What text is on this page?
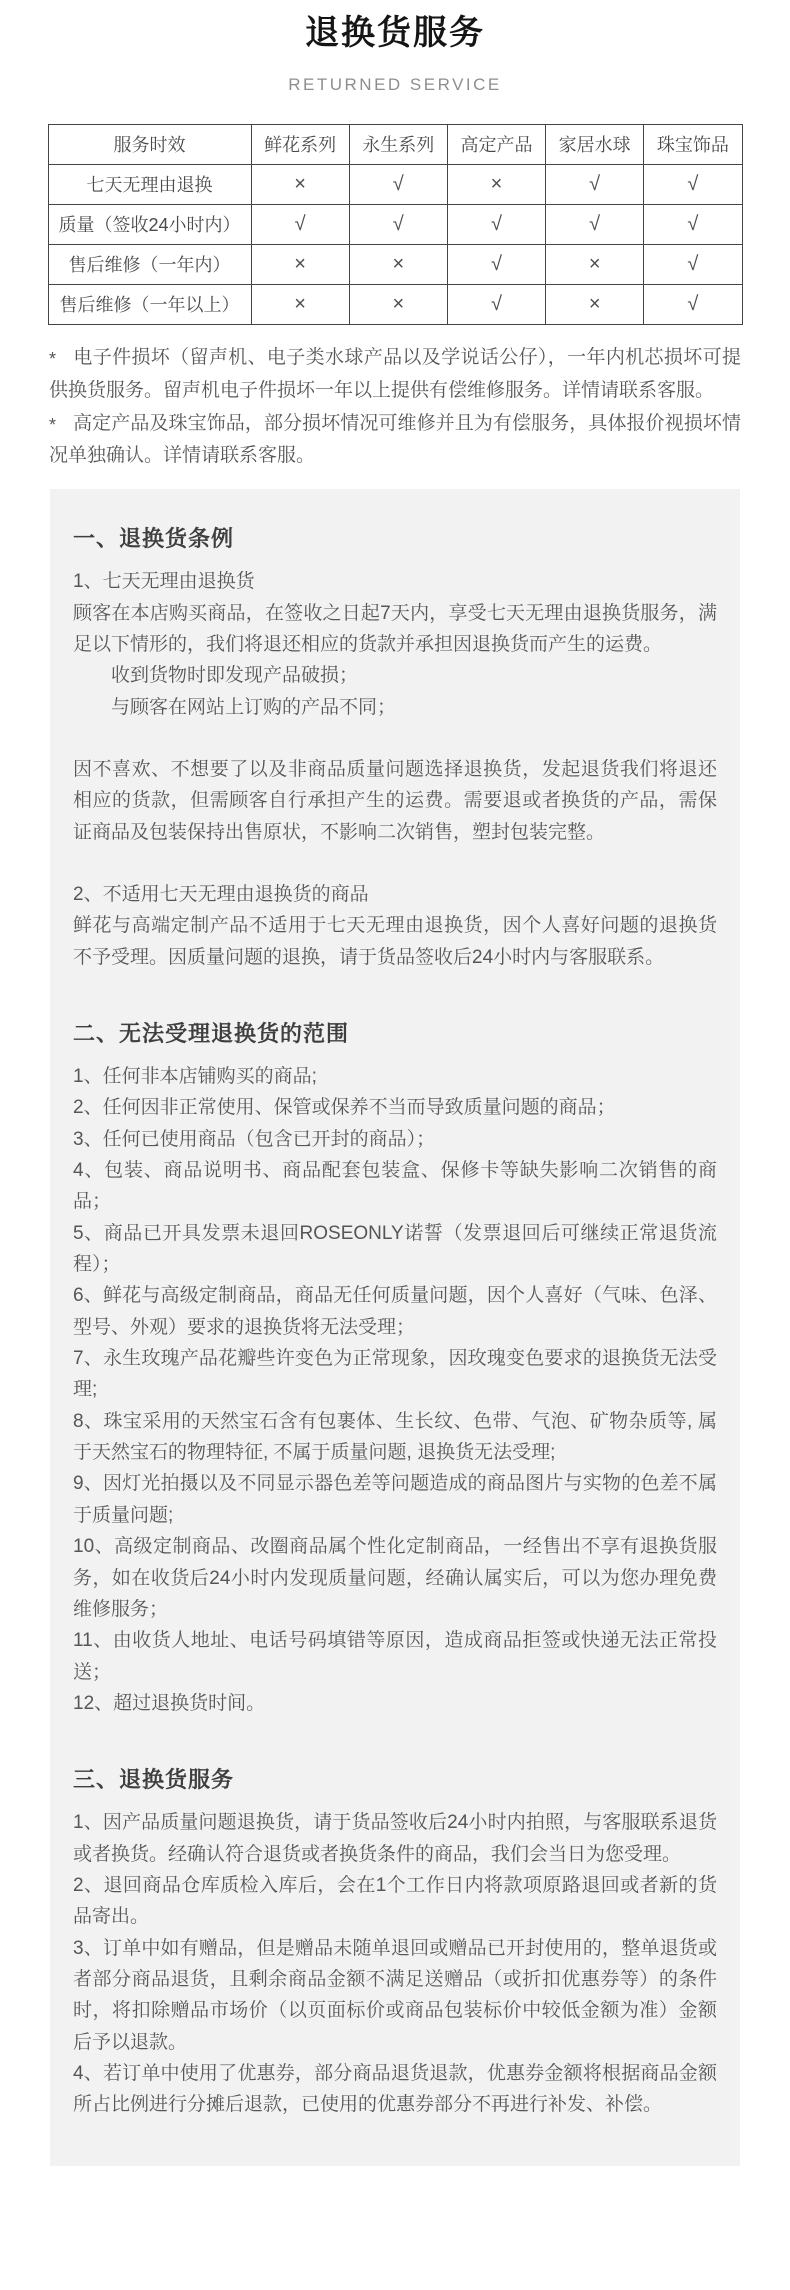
退换货服务
RETURNED SERVICE
服务时效	鲜花系列	永生系列	高定产品	家居水球	珠宝饰品
七天无理由退换	×	√	×	√	√
质量（签收24小时内）	√	√	√	√	√
售后维修（一年内）	×	×	√	×	√
售后维修（一年以上）	×	×	√	×	√

* 电子件损坏（留声机、电子类水球产品以及学说话公仔），一年内机芯损坏可提供换货服务。留声机电子件损坏一年以上提供有偿维修服务。详情请联系客服。

* 高定产品及珠宝饰品，部分损坏情况可维修并且为有偿服务，具体报价视损坏情况单独确认。详情请联系客服。

一、退换货条例

1、七天无理由退换货

顾客在本店购买商品，在签收之日起7天内，享受七天无理由退换货服务，满足以下情形的，我们将退还相应的货款并承担因退换货而产生的运费。

收到货物时即发现产品破损；

与顾客在网站上订购的产品不同；

因不喜欢、不想要了以及非商品质量问题选择退换货，发起退货我们将退还相应的货款，但需顾客自行承担产生的运费。需要退或者换货的产品，需保证商品及包装保持出售原状，不影响二次销售，塑封包装完整。

2、不适用七天无理由退换货的商品

鲜花与高端定制产品不适用于七天无理由退换货，因个人喜好问题的退换货不予受理。因质量问题的退换，请于货品签收后24小时内与客服联系。

二、无法受理退换货的范围

1、任何非本店铺购买的商品;

2、任何因非正常使用、保管或保养不当而导致质量问题的商品；

3、任何已使用商品（包含已开封的商品）；

4、包装、商品说明书、商品配套包装盒、保修卡等缺失影响二次销售的商品；

5、商品已开具发票未退回ROSEONLY诺誓（发票退回后可继续正常退货流程）；

6、鲜花与高级定制商品，商品无任何质量问题，因个人喜好（气味、色泽、型号、外观）要求的退换货将无法受理；

7、永生玫瑰产品花瓣些许变色为正常现象，因玫瑰变色要求的退换货无法受理;

8、珠宝采用的天然宝石含有包裹体、生长纹、色带、气泡、矿物杂质等, 属于天然宝石的物理特征, 不属于质量问题, 退换货无法受理;

9、因灯光拍摄以及不同显示器色差等问题造成的商品图片与实物的色差不属于质量问题;

10、高级定制商品、改圈商品属个性化定制商品，一经售出不享有退换货服务，如在收货后24小时内发现质量问题，经确认属实后，可以为您办理免费维修服务；

11、由收货人地址、电话号码填错等原因，造成商品拒签或快递无法正常投送；

12、超过退换货时间。

三、退换货服务

1、因产品质量问题退换货，请于货品签收后24小时内拍照，与客服联系退货或者换货。经确认符合退货或者换货条件的商品，我们会当日为您受理。

2、退回商品仓库质检入库后，会在1个工作日内将款项原路退回或者新的货品寄出。

3、订单中如有赠品，但是赠品未随单退回或赠品已开封使用的，整单退货或者部分商品退货，且剩余商品金额不满足送赠品（或折扣优惠券等）的条件时，将扣除赠品市场价（以页面标价或商品包装标价中较低金额为准）金额后予以退款。

4、若订单中使用了优惠券，部分商品退货退款，优惠券金额将根据商品金额所占比例进行分摊后退款，已使用的优惠券部分不再进行补发、补偿。
